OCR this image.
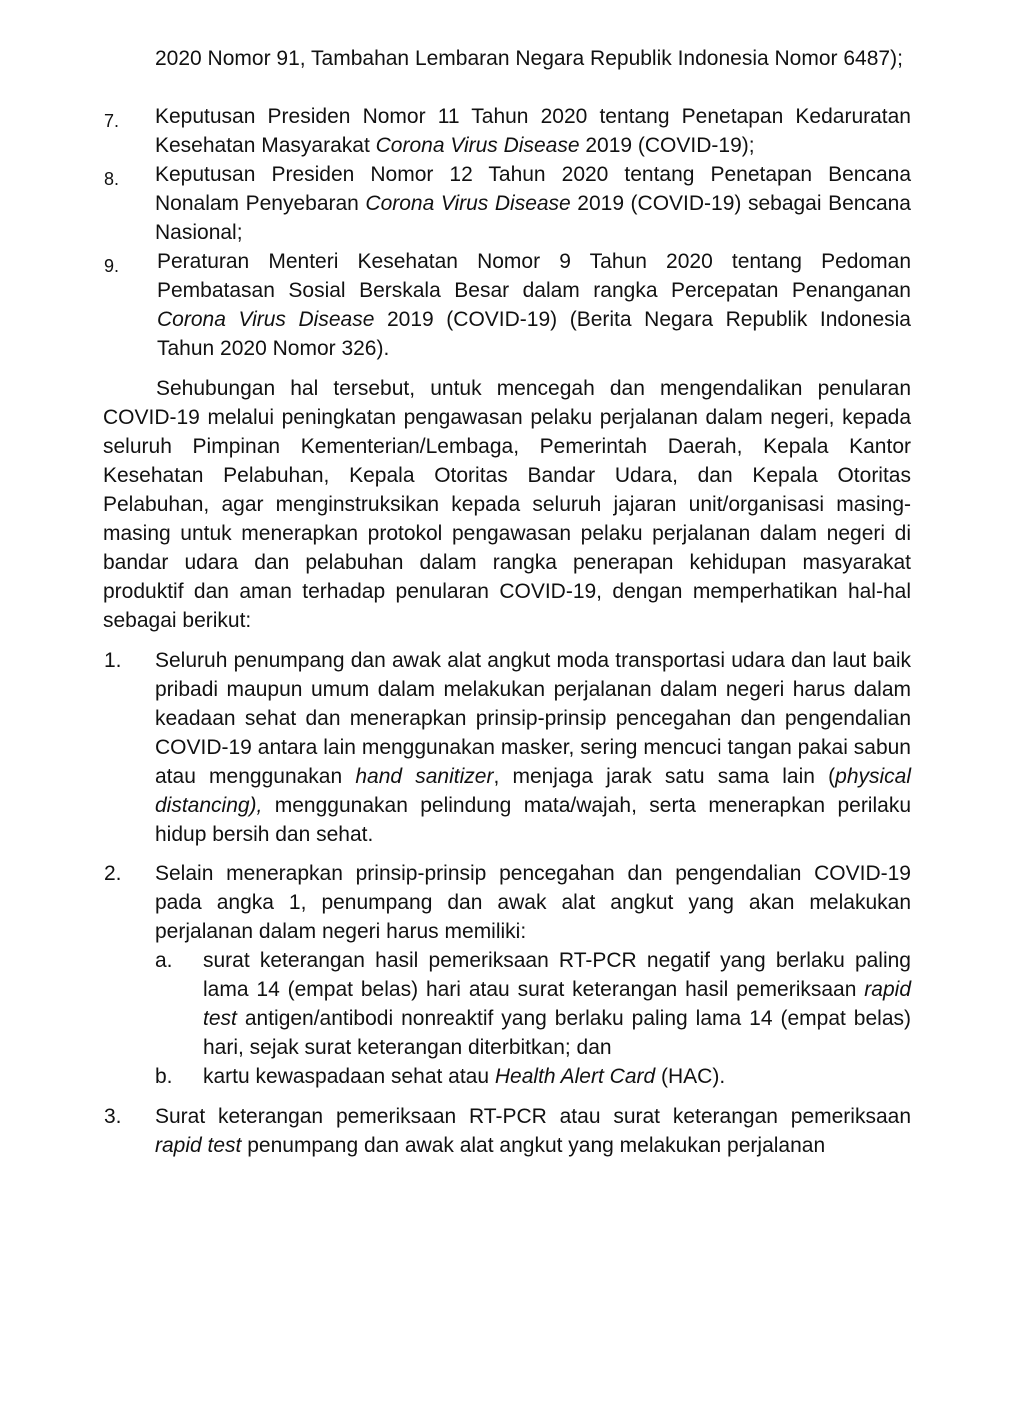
2020 Nomor 91, Tambahan Lembaran Negara Republik Indonesia Nomor 6487);

7. Keputusan Presiden Nomor 11 Tahun 2020 tentang Penetapan Kedaruratan Kesehatan Masyarakat Corona Virus Disease 2019 (COVID-19);

8. Keputusan Presiden Nomor 12 Tahun 2020 tentang Penetapan Bencana Nonalam Penyebaran Corona Virus Disease 2019 (COVID-19) sebagai Bencana Nasional;

9. Peraturan Menteri Kesehatan Nomor 9 Tahun 2020 tentang Pedoman Pembatasan Sosial Berskala Besar dalam rangka Percepatan Penanganan Corona Virus Disease 2019 (COVID-19) (Berita Negara Republik Indonesia Tahun 2020 Nomor 326).

Sehubungan hal tersebut, untuk mencegah dan mengendalikan penularan COVID-19 melalui peningkatan pengawasan pelaku perjalanan dalam negeri, kepada seluruh Pimpinan Kementerian/Lembaga, Pemerintah Daerah, Kepala Kantor Kesehatan Pelabuhan, Kepala Otoritas Bandar Udara, dan Kepala Otoritas Pelabuhan, agar menginstruksikan kepada seluruh jajaran unit/organisasi masing-masing untuk menerapkan protokol pengawasan pelaku perjalanan dalam negeri di bandar udara dan pelabuhan dalam rangka penerapan kehidupan masyarakat produktif dan aman terhadap penularan COVID-19, dengan memperhatikan hal-hal sebagai berikut:

1. Seluruh penumpang dan awak alat angkut moda transportasi udara dan laut baik pribadi maupun umum dalam melakukan perjalanan dalam negeri harus dalam keadaan sehat dan menerapkan prinsip-prinsip pencegahan dan pengendalian COVID-19 antara lain menggunakan masker, sering mencuci tangan pakai sabun atau menggunakan hand sanitizer, menjaga jarak satu sama lain (physical distancing), menggunakan pelindung mata/wajah, serta menerapkan perilaku hidup bersih dan sehat.

2. Selain menerapkan prinsip-prinsip pencegahan dan pengendalian COVID-19 pada angka 1, penumpang dan awak alat angkut yang akan melakukan perjalanan dalam negeri harus memiliki:

a. surat keterangan hasil pemeriksaan RT-PCR negatif yang berlaku paling lama 14 (empat belas) hari atau surat keterangan hasil pemeriksaan rapid test antigen/antibodi nonreaktif yang berlaku paling lama 14 (empat belas) hari, sejak surat keterangan diterbitkan; dan

b. kartu kewaspadaan sehat atau Health Alert Card (HAC).

3. Surat keterangan pemeriksaan RT-PCR atau surat keterangan pemeriksaan rapid test penumpang dan awak alat angkut yang melakukan perjalanan
